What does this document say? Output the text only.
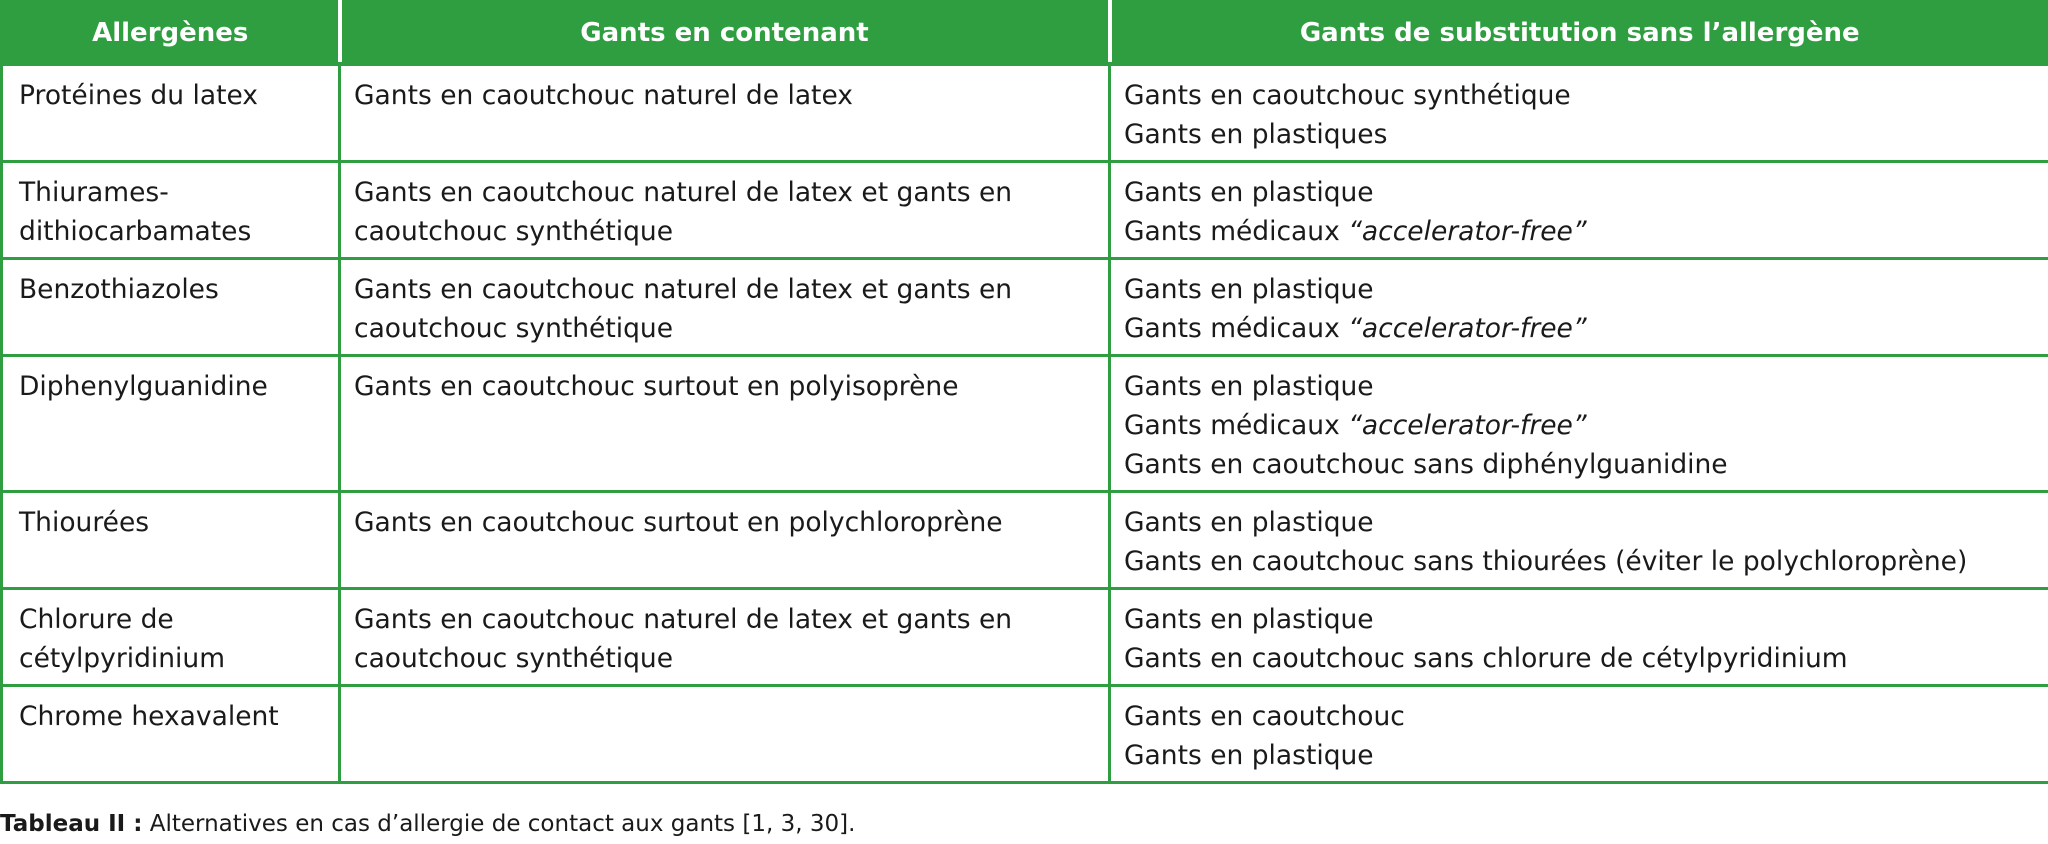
Allergènes	Gants en contenant	Gants de substitution sans l’allergène

Protéines du latex	Gants en caoutchouc naturel de latex	Gants en caoutchouc synthétique
Gants en plastiques

Thiurames-
dithiocarbamates	Gants en caoutchouc naturel de latex et gants en
caoutchouc synthétique	Gants en plastique
Gants médicaux “accelerator-free”

Benzothiazoles	Gants en caoutchouc naturel de latex et gants en
caoutchouc synthétique	Gants en plastique
Gants médicaux “accelerator-free”

Diphenylguanidine	Gants en caoutchouc surtout en polyisoprène	Gants en plastique
Gants médicaux “accelerator-free”
Gants en caoutchouc sans diphénylguanidine

Thiourées	Gants en caoutchouc surtout en polychloroprène	Gants en plastique
Gants en caoutchouc sans thiourées (éviter le polychloroprène)

Chlorure de
cétylpyridinium	Gants en caoutchouc naturel de latex et gants en
caoutchouc synthétique	Gants en plastique
Gants en caoutchouc sans chlorure de cétylpyridinium

Chrome hexavalent		Gants en caoutchouc
Gants en plastique
Tableau II : Alternatives en cas d’allergie de contact aux gants [1, 3, 30].
